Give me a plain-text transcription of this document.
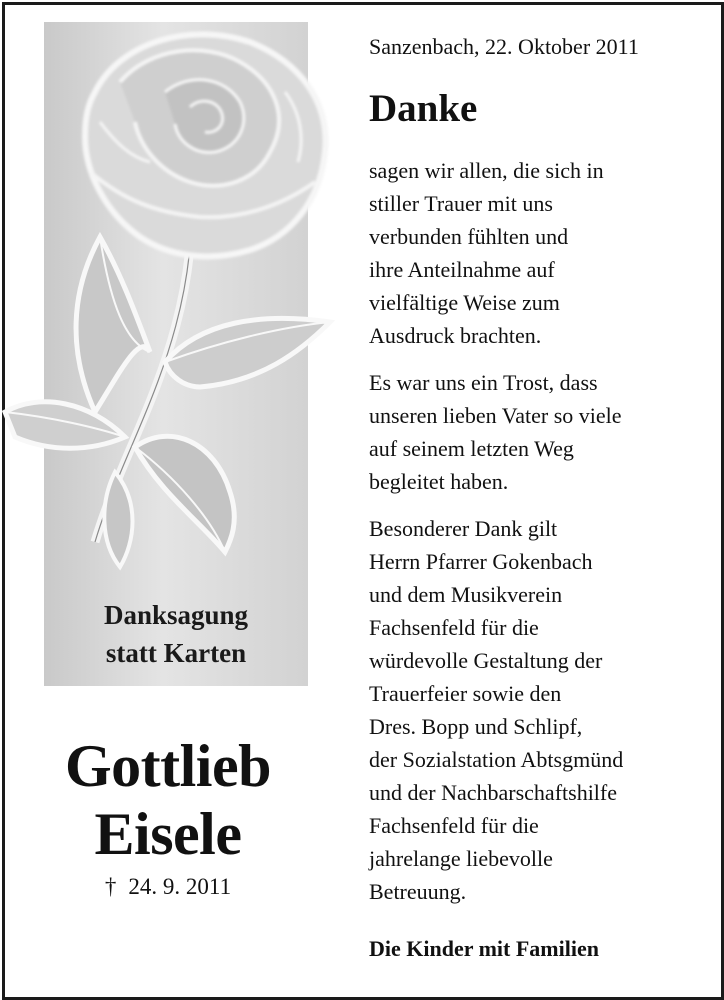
Danksagung
statt Karten
Gottlieb
Eisele
† 24. 9. 2011
Sanzenbach, 22. Oktober 2011
Danke
sagen wir allen, die sich in
stiller Trauer mit uns
verbunden fühlten und
ihre Anteilnahme auf
vielfältige Weise zum
Ausdruck brachten.
Es war uns ein Trost, dass
unseren lieben Vater so viele
auf seinem letzten Weg
begleitet haben.
Besonderer Dank gilt
Herrn Pfarrer Gokenbach
und dem Musikverein
Fachsenfeld für die
würdevolle Gestaltung der
Trauerfeier sowie den
Dres. Bopp und Schlipf,
der Sozialstation Abtsgmünd
und der Nachbarschaftshilfe
Fachsenfeld für die
jahrelange liebevolle
Betreuung.
Die Kinder mit Familien
